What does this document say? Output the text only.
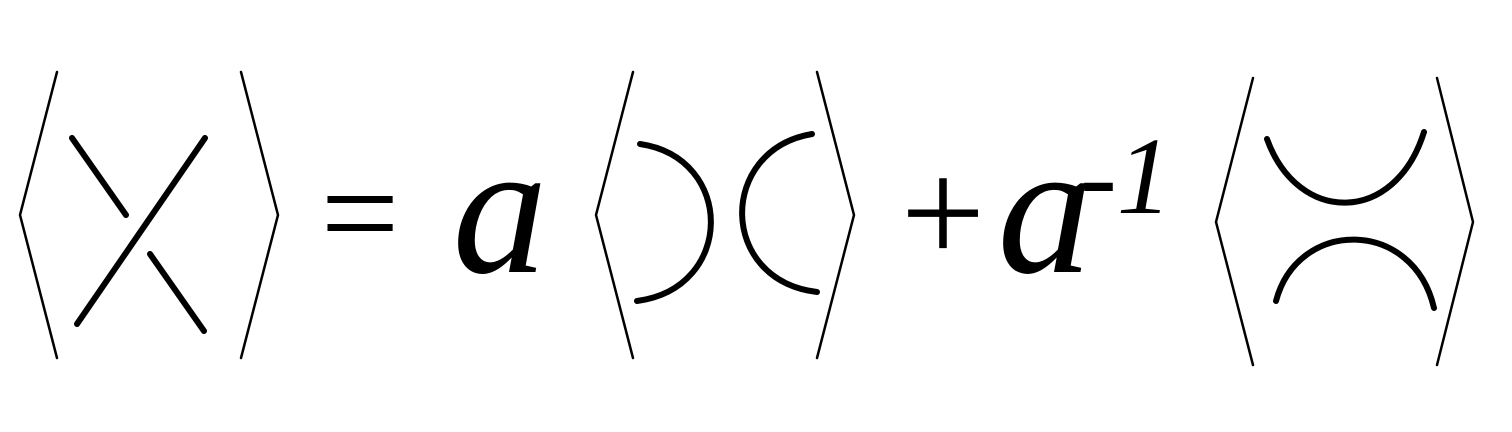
= a + a
-1
